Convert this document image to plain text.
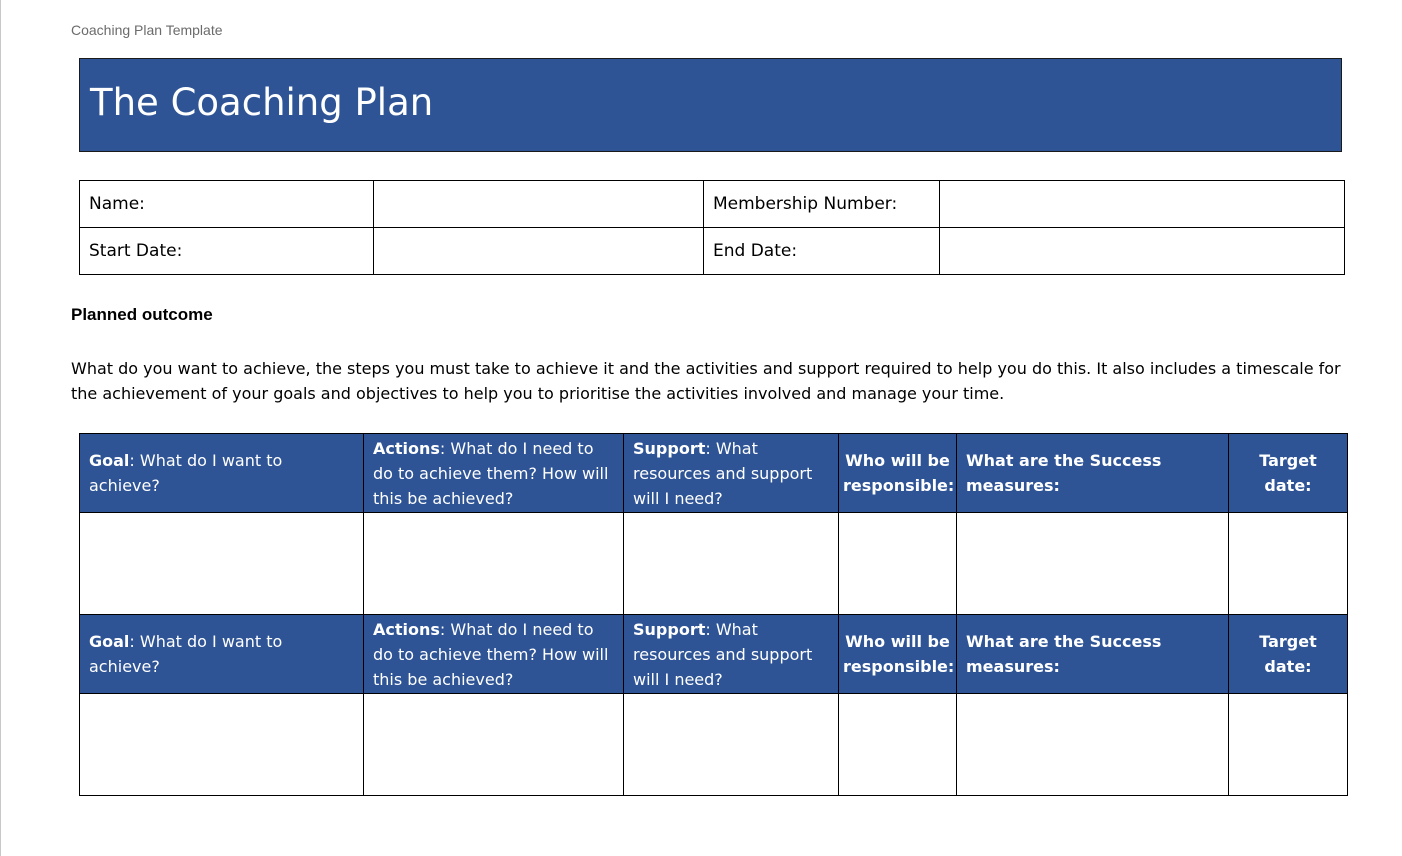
Coaching Plan Template
The Coaching Plan
Name:		Membership Number:	
Start Date:		End Date:	
Planned outcome
What do you want to achieve, the steps you must take to achieve it and the activities and support required to help you do this. It also includes a timescale for the achievement of your goals and objectives to help you to prioritise the activities involved and manage your time.
Goal: What do I want to achieve?	Actions: What do I need to do to achieve them? How will this be achieved?	Support: What resources and support will I need?	Who will be responsible:	What are the Success measures:	Target date:

Goal: What do I want to achieve?	Actions: What do I need to do to achieve them? How will this be achieved?	Support: What resources and support will I need?	Who will be responsible:	What are the Success measures:	Target date:
